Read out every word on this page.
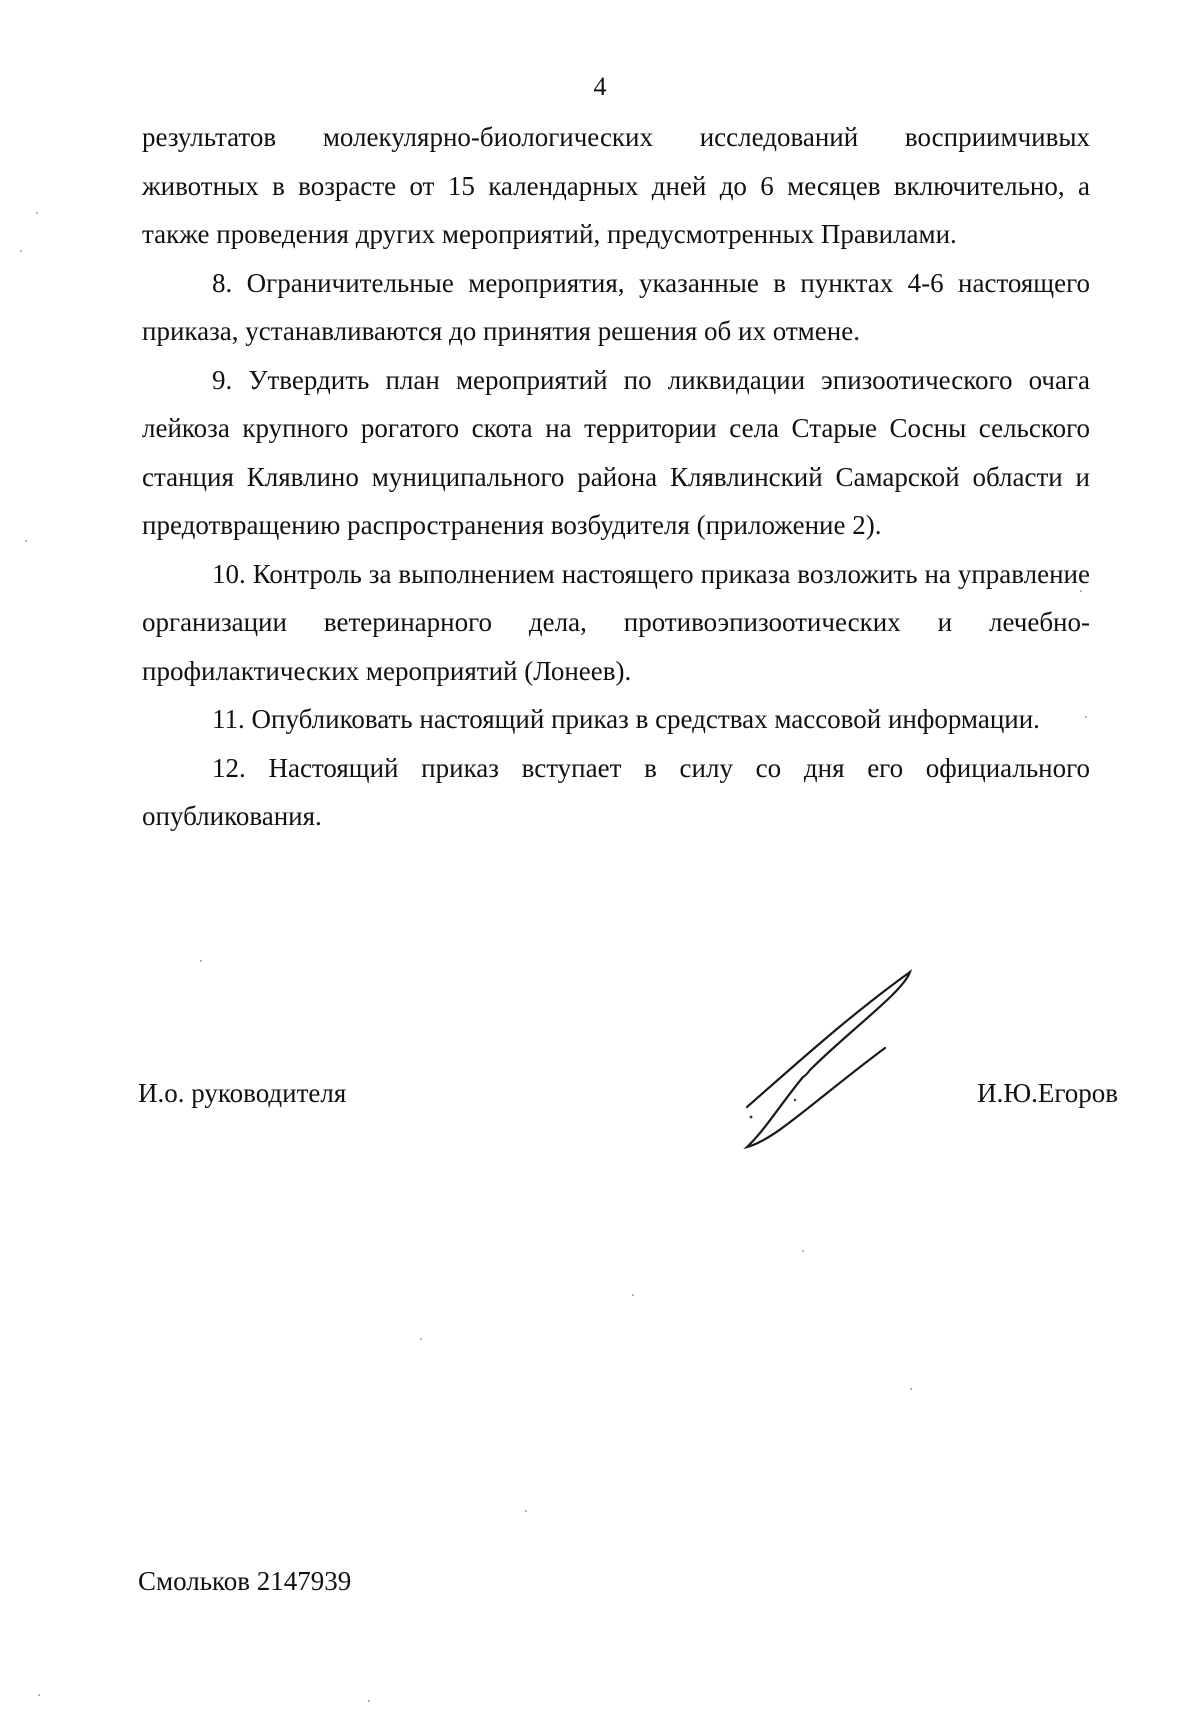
4

результатов молекулярно-биологических исследований восприимчивых животных в возрасте от 15 календарных дней до 6 месяцев включительно, а также проведения других мероприятий, предусмотренных Правилами.

8. Ограничительные мероприятия, указанные в пунктах 4-6 настоящего приказа, устанавливаются до принятия решения об их отмене.

9. Утвердить план мероприятий по ликвидации эпизоотического очага лейкоза крупного рогатого скота на территории села Старые Сосны сельского станция Клявлино муниципального района Клявлинский Самарской области и предотвращению распространения возбудителя (приложение 2).

10. Контроль за выполнением настоящего приказа возложить на управление организации ветеринарного дела, противоэпизоотических и лечебно-профилактических мероприятий (Лонеев).

11. Опубликовать настоящий приказ в средствах массовой информации.

12. Настоящий приказ вступает в силу со дня его официального опубликования.

И.о. руководителя	И.Ю.Егоров
Смольков 2147939
